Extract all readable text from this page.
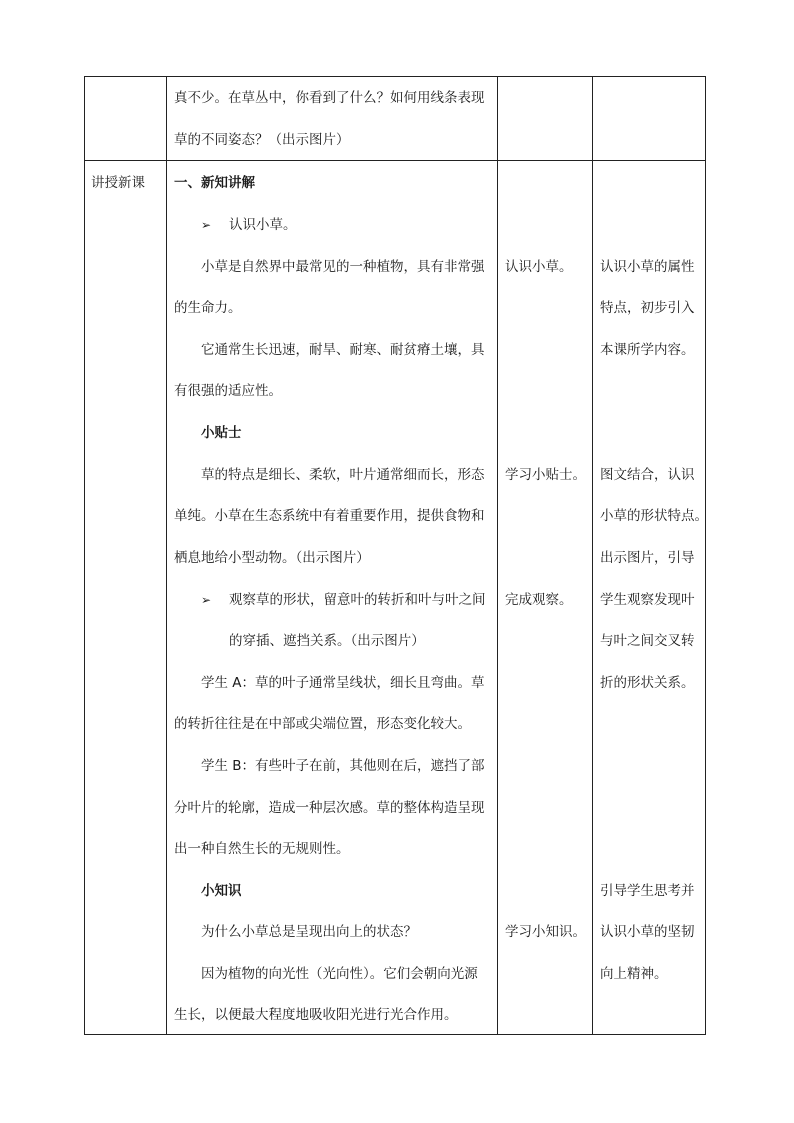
真不少。在草丛中，你看到了什么？如何用线条表现
草的不同姿态？（出示图片）
讲授新课 一、新知讲解
➢ 认识小草。
小草是自然界中最常见的一种植物，具有非常强
的生命力。
它通常生长迅速，耐旱、耐寒、耐贫瘠土壤，具
有很强的适应性。
小贴士
草的特点是细长、柔软，叶片通常细而长，形态
单纯。小草在生态系统中有着重要作用，提供食物和
栖息地给小型动物。（出示图片）
➢ 观察草的形状，留意叶的转折和叶与叶之间
的穿插、遮挡关系。（出示图片）
学生 A：草的叶子通常呈线状，细长且弯曲。草
的转折往往是在中部或尖端位置，形态变化较大。
学生 B：有些叶子在前，其他则在后，遮挡了部
分叶片的轮廓，造成一种层次感。草的整体构造呈现
出一种自然生长的无规则性。
小知识
为什么小草总是呈现出向上的状态？
因为植物的向光性（光向性）。它们会朝向光源
生长，以便最大程度地吸收阳光进行光合作用。
认识小草。
学习小贴士。
完成观察。
学习小知识。
认识小草的属性
特点，初步引入
本课所学内容。
图文结合，认识
小草的形状特点。
出示图片，引导
学生观察发现叶
与叶之间交叉转
折的形状关系。
引导学生思考并
认识小草的坚韧
向上精神。
